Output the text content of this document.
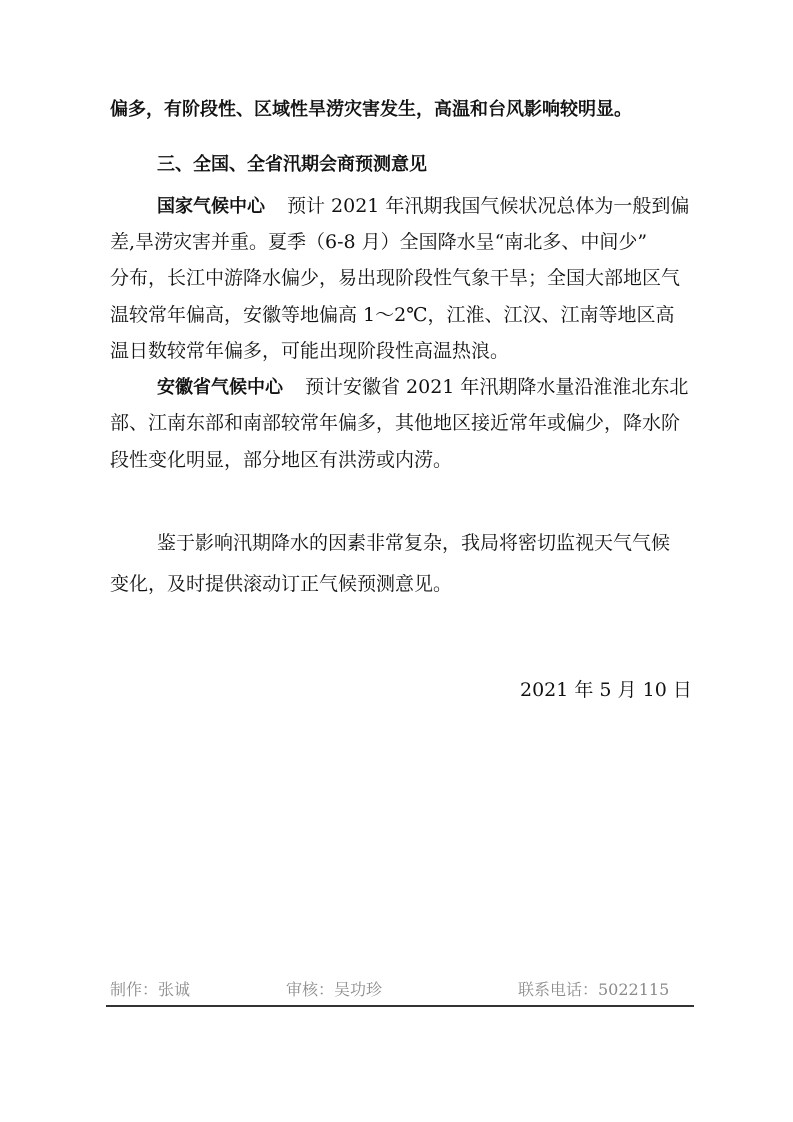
偏多，有阶段性、区域性旱涝灾害发生，高温和台风影响较明显。
三、全国、全省汛期会商预测意见
国家气候中心 预计 2021 年汛期我国气候状况总体为一般到偏
差,旱涝灾害并重。夏季（6-8 月）全国降水呈“南北多、中间少”
分布，长江中游降水偏少，易出现阶段性气象干旱；全国大部地区气
温较常年偏高，安徽等地偏高 1～2℃，江淮、江汉、江南等地区高
温日数较常年偏多，可能出现阶段性高温热浪。
安徽省气候中心 预计安徽省 2021 年汛期降水量沿淮淮北东北
部、江南东部和南部较常年偏多，其他地区接近常年或偏少，降水阶
段性变化明显，部分地区有洪涝或内涝。
鉴于影响汛期降水的因素非常复杂，我局将密切监视天气气候
变化，及时提供滚动订正气候预测意见。
2021 年 5 月 10 日
制作：张诚	审核：吴功珍	联系电话：5022115
